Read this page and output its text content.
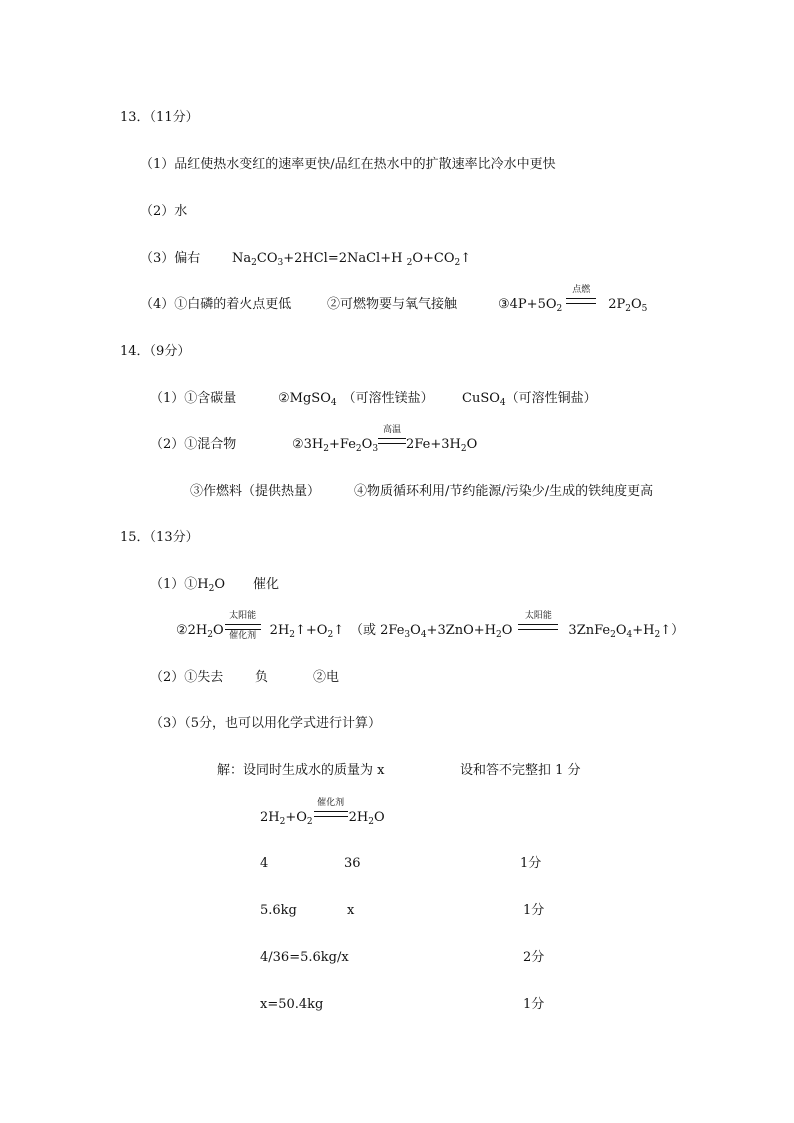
13．（11分）
（1）品红使热水变红的速率更快/品红在热水中的扩散速率比冷水中更快
（2）水
（3）偏右 $Na_2CO_3+2HCl=2NaCl+H$ $_2O+CO_2↑$
（4）①白磷的着火点更低	②可燃物要与氧气接触	$③4P+5O_2$
点燃
$2P_2O_5$
14．（9分）
（1）①含碳量	②MgSO$_4$ （可溶性镁盐） CuSO$_4$（可溶性铜盐）
（2）①混合物	$②3H_2+Fe_2O_3$
高温
$2Fe+3H_2O$
③作燃料（提供热量）	④物质循环利用/节约能源/污染少/生成的铁纯度更高
15．（13分）
$(1)①H_2O$ 催化
$②2H_2O$
太阳能
催化剂	$2H_2↑+O_2↑$ （或 $2Fe_3O_4+3ZnO+H_2O$
太阳能
$3ZnFe_2O_4+H_2↑$）
（2）①失去 负	②电
（3）（5分，也可以用化学式进行计算）
解：设同时生成水的质量为 x	设和答不完整扣 1 分
$2H_2+O_2$
催化剂
$2H_2O$
4	36	1分
5.6kg	x	1分
4/36=5.6kg/x	2分
x=50.4kg	1分
